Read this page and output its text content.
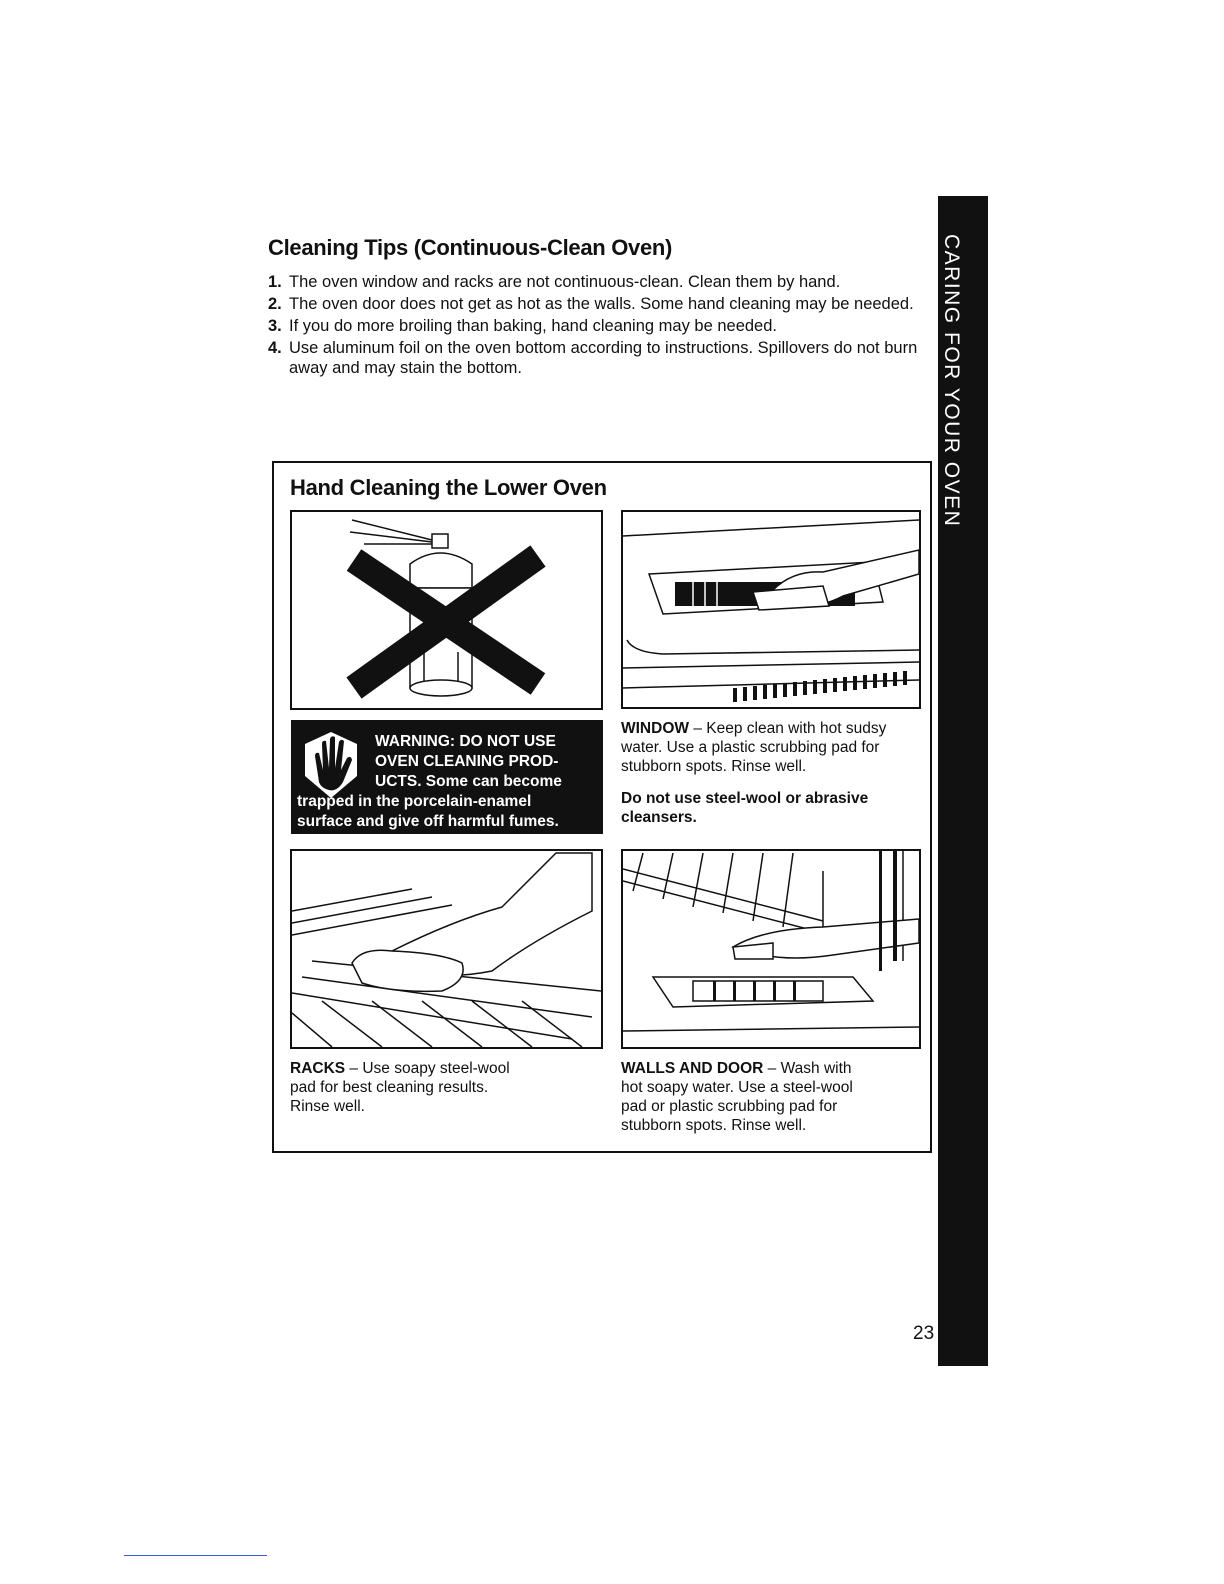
CARING FOR YOUR OVEN
23
Cleaning Tips (Continuous-Clean Oven)
1. The oven window and racks are not continuous-clean. Clean them by hand.
2. The oven door does not get as hot as the walls. Some hand cleaning may be needed.
3. If you do more broiling than baking, hand cleaning may be needed.
4. Use aluminum foil on the oven bottom according to instructions. Spillovers do not burn away and may stain the bottom.
Hand Cleaning the Lower Oven
WARNING: DO NOT USE
OVEN CLEANING PROD-
UCTS. Some can become
trapped in the porcelain-enamel
surface and give off harmful fumes.
WINDOW – Keep clean with hot sudsy water. Use a plastic scrubbing pad for stubborn spots. Rinse well.
Do not use steel-wool or abrasive cleansers.
RACKS – Use soapy steel-wool
pad for best cleaning results.
Rinse well.
WALLS AND DOOR – Wash with
hot soapy water. Use a steel-wool
pad or plastic scrubbing pad for
stubborn spots. Rinse well.
